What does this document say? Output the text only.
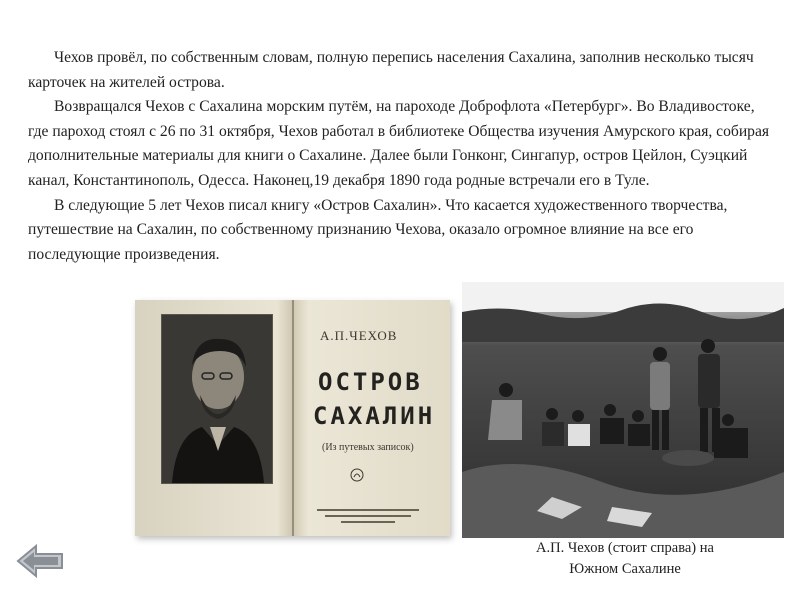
Чехов провёл, по собственным словам, полную перепись населения Сахалина, заполнив несколько тысяч карточек на жителей острова.

Возвращался Чехов с Сахалина морским путём, на пароходе Доброфлота «Петербург». Во Владивостоке, где пароход стоял с 26 по 31 октября, Чехов работал в библиотеке Общества изучения Амурского края, собирая дополнительные материалы для книги о Сахалине. Далее были Гонконг, Сингапур, остров Цейлон, Суэцкий канал, Константинополь, Одесса. Наконец,19 декабря 1890 года родные встречали его в Туле.

В следующие 5 лет Чехов писал книгу «Остров Сахалин». Что касается художественного творчества, путешествие на Сахалин, по собственному признанию Чехова, оказало огромное влияние на все его последующие произведения.

А.П.ЧЕХОВ
ОСТРОВ
САХАЛИН
(Из путевых записок)
А.П. Чехов (стоит справа) на
Южном Сахалине
